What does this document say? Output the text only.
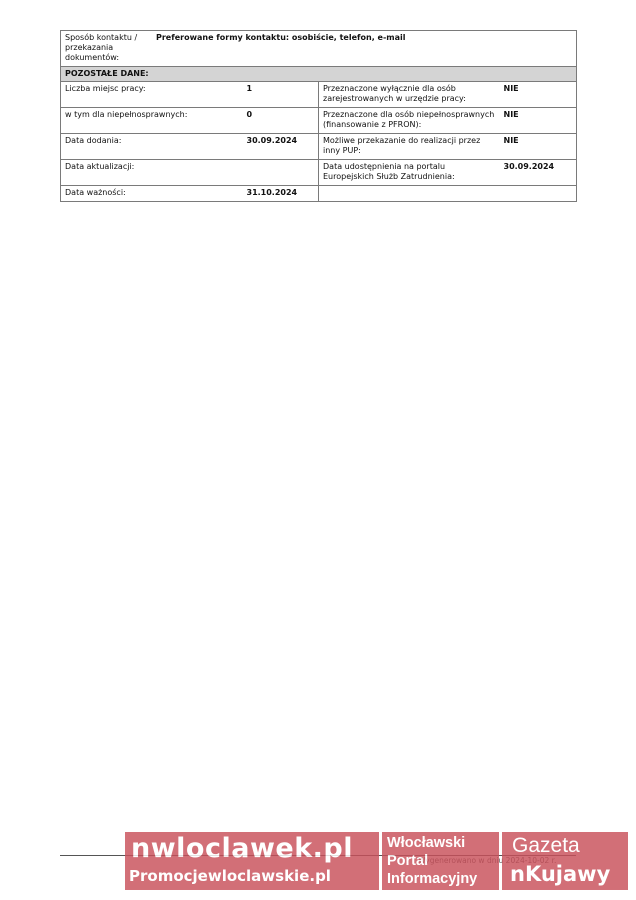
Sposób kontaktu / przekazania dokumentów:	Preferowane formy kontaktu: osobiście, telefon, e-mail

POZOSTAŁE DANE:
Liczba miejsc pracy:	1	Przeznaczone wyłącznie dla osób zarejestrowanych w urzędzie pracy:	NIE
w tym dla niepełnosprawnych:	0	Przeznaczone dla osób niepełnosprawnych (finansowanie z PFRON):	NIE
Data dodania:	30.09.2024	Możliwe przekazanie do realizacji przez inny PUP:	NIE
Data aktualizacji:		Data udostępnienia na portalu Europejskich Służb Zatrudnienia:	30.09.2024
Data ważności:	31.10.2024		
nwloclawek.pl
Promocjewloclawskie.pl
Włocławski
Portal
Informacyjny
Gazeta
nKujawy
